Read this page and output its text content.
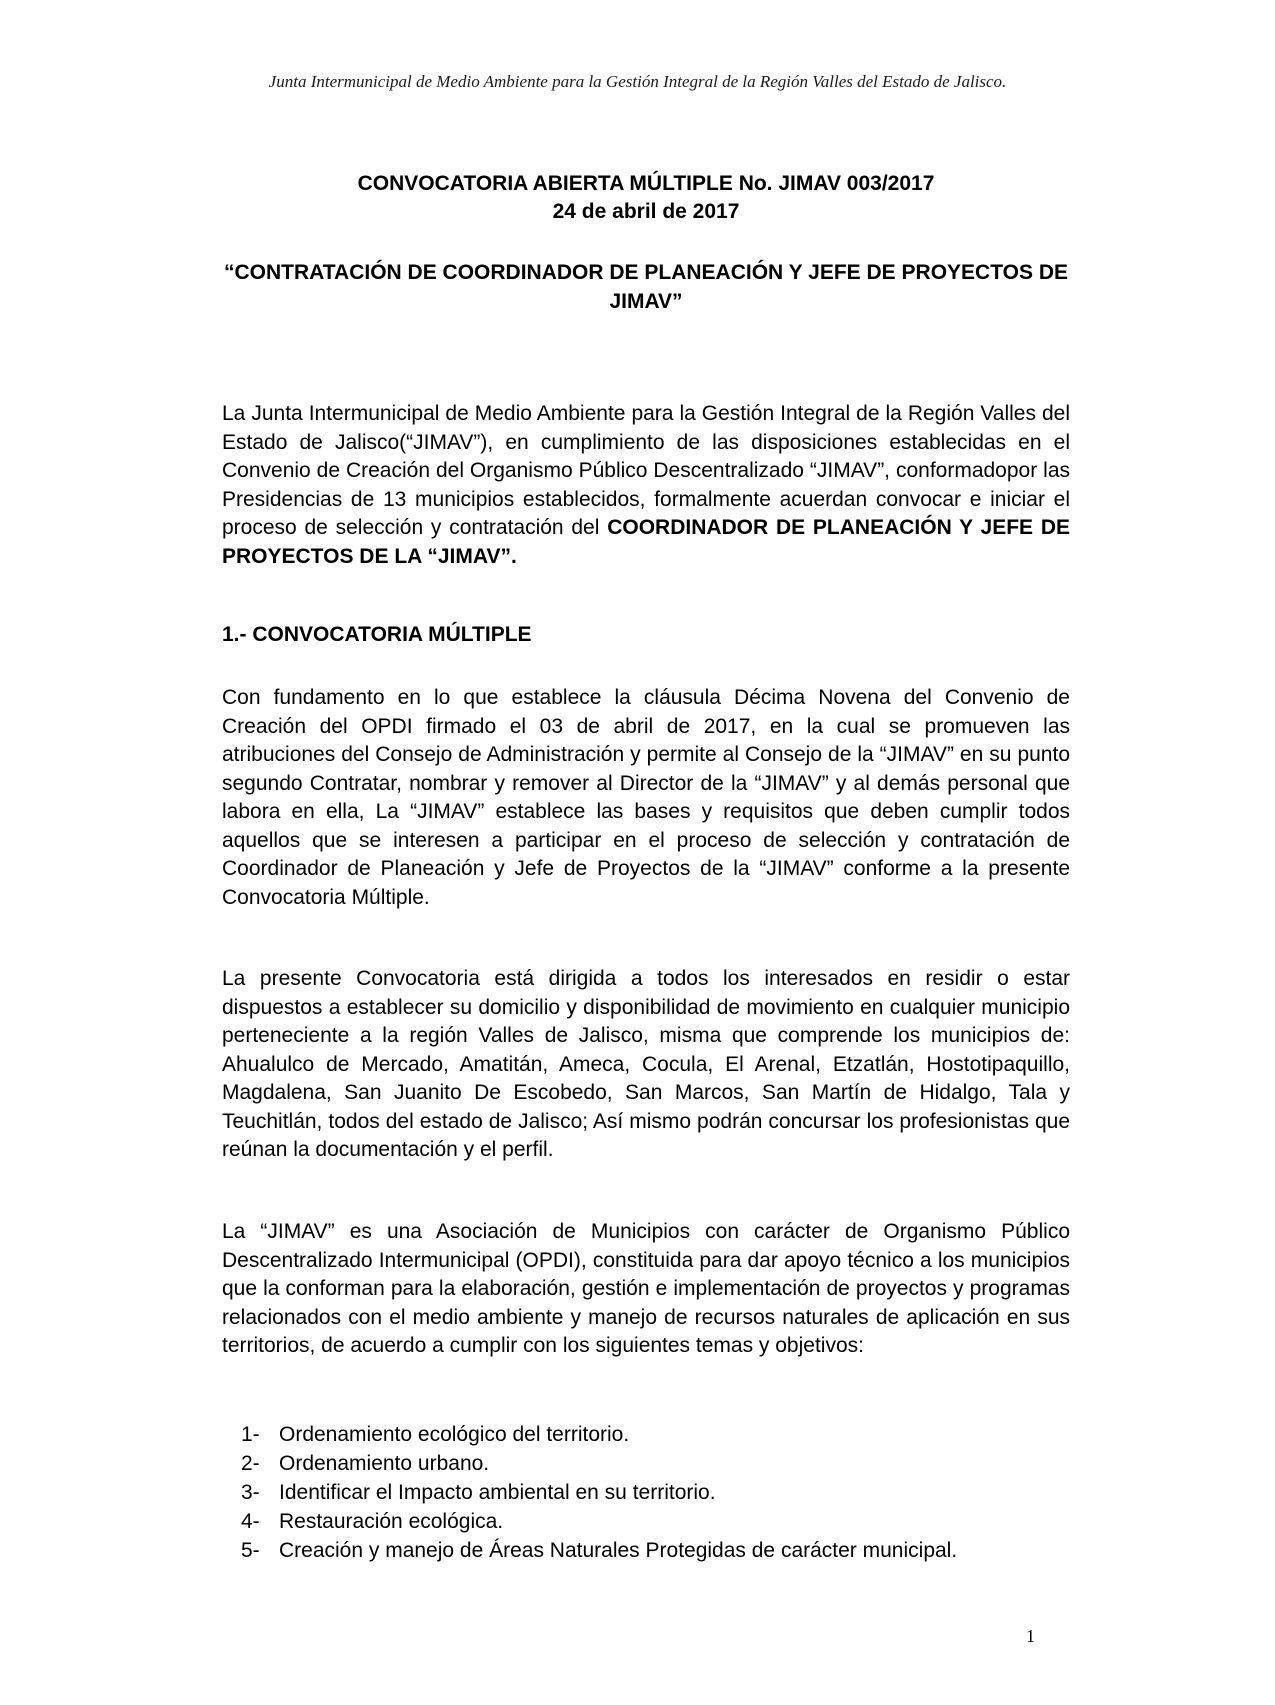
Junta Intermunicipal de Medio Ambiente para la Gestión Integral de la Región Valles del Estado de Jalisco.
CONVOCATORIA ABIERTA MÚLTIPLE No. JIMAV 003/2017
24 de abril de 2017
“CONTRATACIÓN DE COORDINADOR DE PLANEACIÓN Y JEFE DE PROYECTOS DE JIMAV”
La Junta Intermunicipal de Medio Ambiente para la Gestión Integral de la Región Valles del Estado de Jalisco(“JIMAV”), en cumplimiento de las disposiciones establecidas en el Convenio de Creación del Organismo Público Descentralizado “JIMAV”, conformadopor las Presidencias de 13 municipios establecidos, formalmente acuerdan convocar e iniciar el proceso de selección y contratación del COORDINADOR DE PLANEACIÓN Y JEFE DE PROYECTOS DE LA “JIMAV”.
1.- CONVOCATORIA MÚLTIPLE
Con fundamento en lo que establece la cláusula Décima Novena del Convenio de Creación del OPDI firmado el 03 de abril de 2017, en la cual se promueven las atribuciones del Consejo de Administración y permite al Consejo de la “JIMAV” en su punto segundo Contratar, nombrar y remover al Director de la “JIMAV” y al demás personal que labora en ella, La “JIMAV” establece las bases y requisitos que deben cumplir todos aquellos que se interesen a participar en el proceso de selección y contratación de Coordinador de Planeación y Jefe de Proyectos de la “JIMAV” conforme a la presente Convocatoria Múltiple.
La presente Convocatoria está dirigida a todos los interesados en residir o estar dispuestos a establecer su domicilio y disponibilidad de movimiento en cualquier municipio perteneciente a la región Valles de Jalisco, misma que comprende los municipios de: Ahualulco de Mercado, Amatitán, Ameca, Cocula, El Arenal, Etzatlán, Hostotipaquillo, Magdalena, San Juanito De Escobedo, San Marcos, San Martín de Hidalgo, Tala y Teuchitlán, todos del estado de Jalisco; Así mismo podrán concursar los profesionistas que reúnan la documentación y el perfil.
La “JIMAV” es una Asociación de Municipios con carácter de Organismo Público Descentralizado Intermunicipal (OPDI), constituida para dar apoyo técnico a los municipios que la conforman para la elaboración, gestión e implementación de proyectos y programas relacionados con el medio ambiente y manejo de recursos naturales de aplicación en sus territorios, de acuerdo a cumplir con los siguientes temas y objetivos:
1- Ordenamiento ecológico del territorio.
2- Ordenamiento urbano.
3- Identificar el Impacto ambiental en su territorio.
4- Restauración ecológica.
5- Creación y manejo de Áreas Naturales Protegidas de carácter municipal.
1
